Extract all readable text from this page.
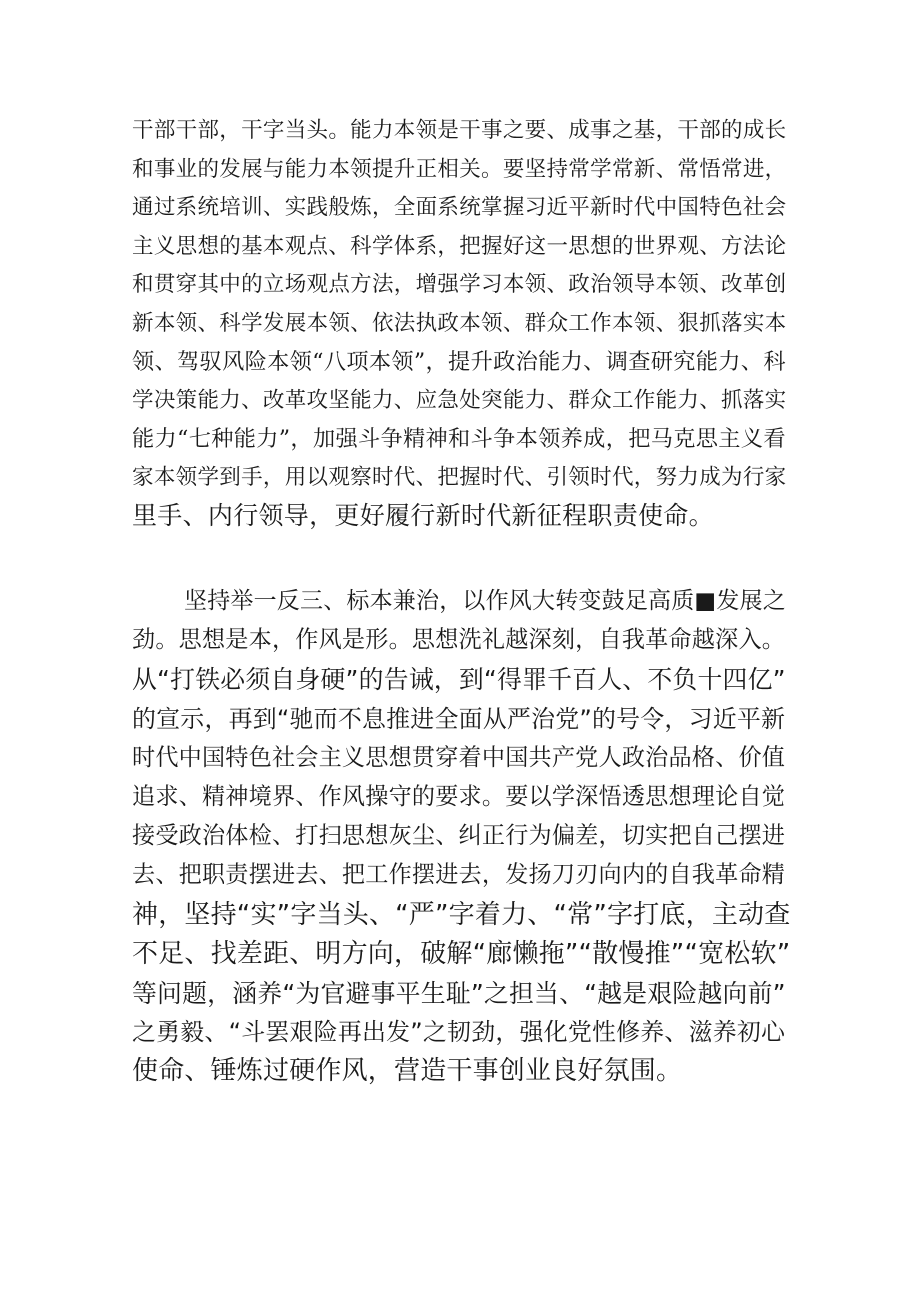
干部干部，干字当头。能力本领是干事之要、成事之基，干部的成长
和事业的发展与能力本领提升正相关。要坚持常学常新、常悟常进，
通过系统培训、实践般炼，全面系统掌握习近平新时代中国特色社会
主义思想的基本观点、科学体系，把握好这一思想的世界观、方法论
和贯穿其中的立场观点方法，增强学习本领、政治领导本领、改革创
新本领、科学发展本领、依法执政本领、群众工作本领、狠抓落实本
领、驾驭风险本领“八项本领”，提升政治能力、调查研究能力、科
学决策能力、改革攻坚能力、应急处突能力、群众工作能力、抓落实
能力“七种能力”，加强斗争精神和斗争本领养成，把马克思主义看
家本领学到手，用以观察时代、把握时代、引领时代，努力成为行家
里手、内行领导，更好履行新时代新征程职责使命。
坚持举一反三、标本兼治，以作风大转变鼓足高质■发展之
劲。思想是本，作风是形。思想洗礼越深刻，自我革命越深入。
从“打铁必须自身硬”的告诫，到“得罪千百人、不负十四亿”
的宣示，再到“驰而不息推进全面从严治党”的号令，习近平新
时代中国特色社会主义思想贯穿着中国共产党人政治品格、价值
追求、精神境界、作风操守的要求。要以学深悟透思想理论自觉
接受政治体检、打扫思想灰尘、纠正行为偏差，切实把自己摆进
去、把职责摆进去、把工作摆进去，发扬刀刃向内的自我革命精
神，坚持“实”字当头、“严”字着力、“常”字打底，主动查
不足、找差距、明方向，破解“廊懒拖”“散慢推”“宽松软”
等问题，涵养“为官避事平生耻”之担当、“越是艰险越向前”
之勇毅、“斗罢艰险再出发”之韧劲，强化党性修养、滋养初心
使命、锤炼过硬作风，营造干事创业良好氛围。
